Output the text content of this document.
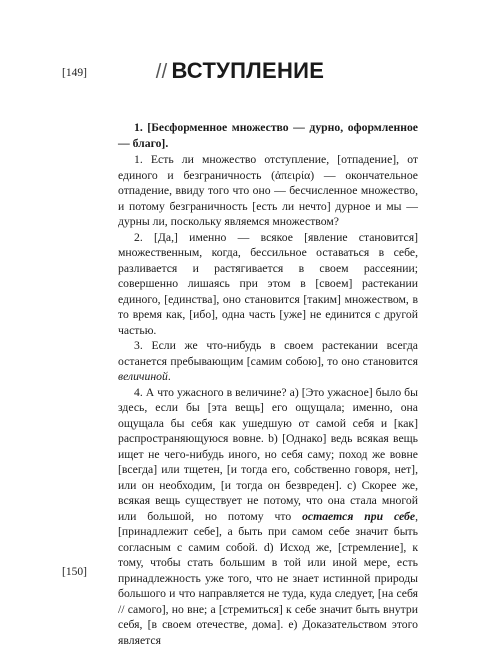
[149]	// ВСТУПЛЕНИЕ

1. [Бесформенное множество — дурно, оформленное — благо].

1. Есть ли множество отступление, [отпадение], от единого и безграничность (ἀπειρία) — окончательное отпадение, ввиду того что оно — бесчисленное множество, и потому безграничность [есть ли нечто] дурное и мы — дурны ли, поскольку являемся множеством?

2. [Да,] именно — всякое [явление становится] множественным, когда, бессильное оставаться в себе, разливается и растягивается в своем рассеянии; совершенно лишаясь при этом в [своем] растекании единого, [единства], оно становится [таким] множеством, в то время как, [ибо], одна часть [уже] не единится с другой частью.

3. Если же что-нибудь в своем растекании всегда останется пребывающим [самим собою], то оно становится величиной.

4. А что ужасного в величине? a) [Это ужасное] было бы здесь, если бы [эта вещь] его ощущала; именно, она ощущала бы себя как ушедшую от самой себя и [как] распространяющуюся вовне. b) [Однако] ведь всякая вещь ищет не чего-нибудь иного, но себя саму; поход же вовне [всегда] или тщетен, [и тогда его, собственно говоря, нет], или он необходим, [и тогда он безвреден]. c) Скорее же, всякая вещь существует не потому, что она стала многой или большой, но потому что остается при себе, [принадлежит себе], а быть при самом себе значит быть согласным с самим собой. d) Исход же, [стремление], к тому, чтобы стать большим в той или иной мере, есть принадлежность уже того, что не знает истинной природы большого и что направляется не туда, куда следует, [на себя // самого], но вне; а [стремиться] к себе значит быть внутри себя, [в своем отечестве, дома]. e) Доказательством этого является

[150]
